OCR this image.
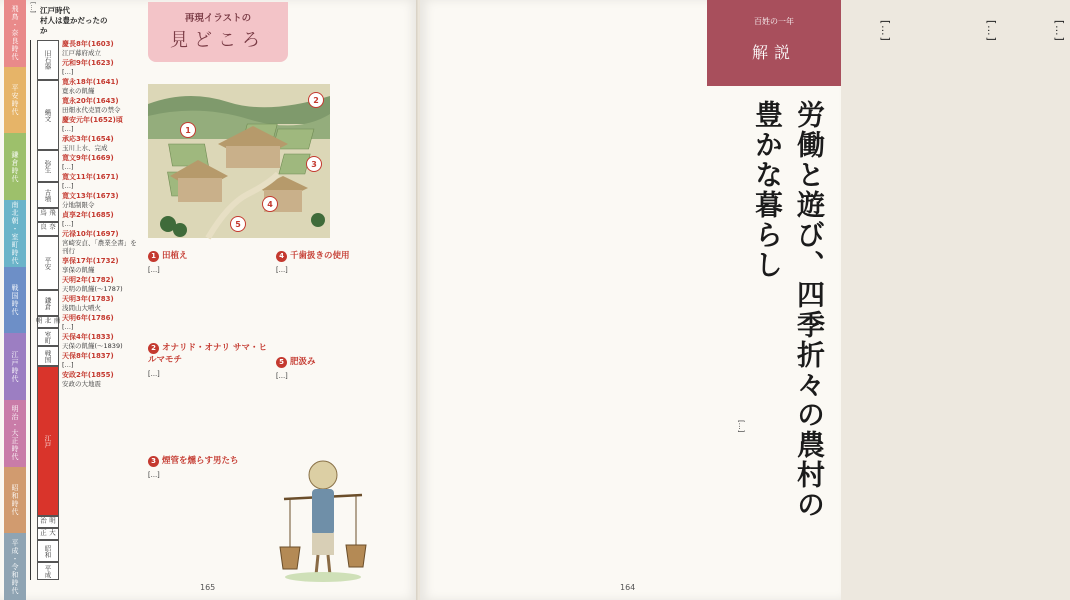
飛鳥・奈良時代
平安時代
鎌倉時代
南北朝・室町時代
戦国時代
江戸時代
明治・大正時代
昭和時代
平成・令和時代
[…] 江戸時代
村人は豊かだったのか
旧石器
縄文
弥生
古墳
飛鳥
奈良
平安
鎌倉
南北朝
室町
戦国
江戸
明治
大正
昭和
平成
慶長8年(1603)
江戸幕府成立
元和9年(1623)
[…]
寛永18年(1641)
寛永の飢饉
寛永20年(1643)
田畑永代売買の禁令
慶安元年(1652)頃
[…]
承応3年(1654)
玉川上水、完成
寛文9年(1669)
[…]
寛文11年(1671)
[…]
寛文13年(1673)
分地制限令
貞享2年(1685)
[…]
元禄10年(1697)
宮崎安貞、「農業全書」を刊行
享保17年(1732)
享保の飢饉
天明2年(1782)
天明の飢饉(〜1787)
天明3年(1783)
浅間山大噴火
天明6年(1786)
[…]
天保4年(1833)
天保の飢饉(〜1839)
天保8年(1837)
[…]
安政2年(1855)
安政の大地震
再現イラストの
見どころ
1
2
3
4
5
1 田植え
[…]
2 オナリド・オナリ サマ・ヒルマモチ
[…]
3 煙管を燻らす男たち
[…]
4 千歯扱きの使用
[…]
5 肥汲み
[…]
165
[…]	[…]	[…]
164
百姓の一年
解説
労働と遊び、四季折々の農村の豊かな暮らし
[…]
